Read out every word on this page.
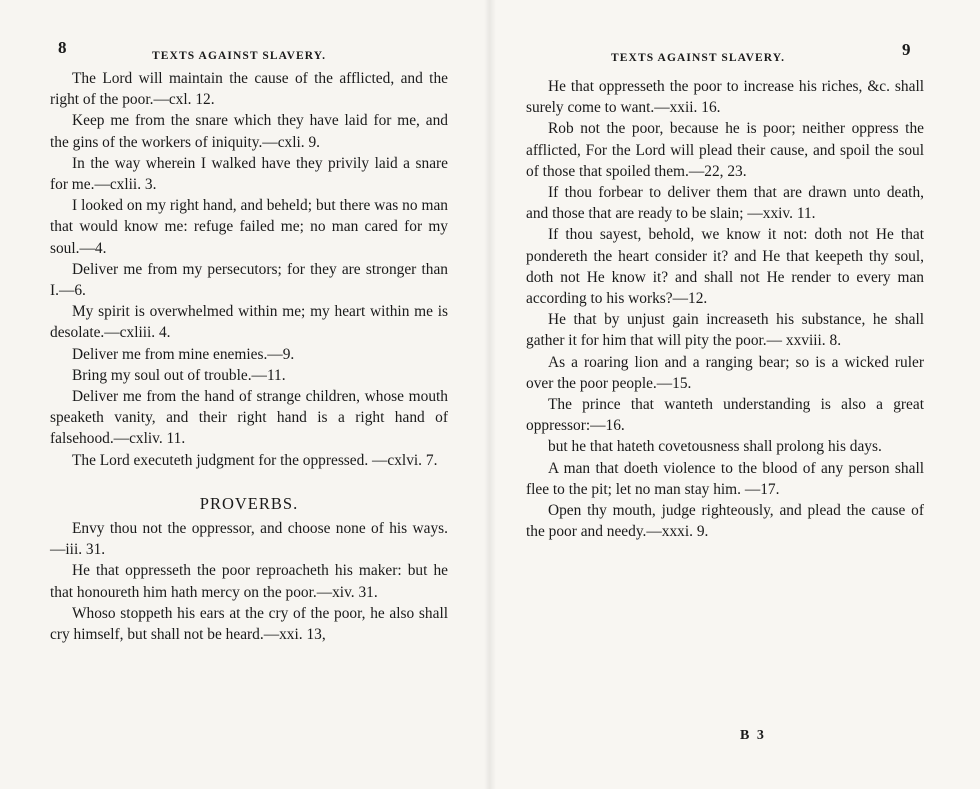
8	TEXTS AGAINST SLAVERY.

The Lord will maintain the cause of the afflicted, and the right of the poor.—cxl. 12.

Keep me from the snare which they have laid for me, and the gins of the workers of iniquity.—cxli. 9.

In the way wherein I walked have they privily laid a snare for me.—cxlii. 3.

I looked on my right hand, and beheld; but there was no man that would know me: refuge failed me; no man cared for my soul.—4.

Deliver me from my persecutors; for they are stronger than I.—6.

My spirit is overwhelmed within me; my heart within me is desolate.—cxliii. 4.

Deliver me from mine enemies.—9.

Bring my soul out of trouble.—11.

Deliver me from the hand of strange children, whose mouth speaketh vanity, and their right hand is a right hand of falsehood.—cxliv. 11.

The Lord executeth judgment for the oppressed. —cxlvi. 7.

PROVERBS.

Envy thou not the oppressor, and choose none of his ways.—iii. 31.

He that oppresseth the poor reproacheth his maker: but he that honoureth him hath mercy on the poor.—xiv. 31.

Whoso stoppeth his ears at the cry of the poor, he also shall cry himself, but shall not be heard.—xxi. 13,

TEXTS AGAINST SLAVERY.	9

He that oppresseth the poor to increase his riches, &c. shall surely come to want.—xxii. 16.

Rob not the poor, because he is poor; neither oppress the afflicted, For the Lord will plead their cause, and spoil the soul of those that spoiled them.—22, 23.

If thou forbear to deliver them that are drawn unto death, and those that are ready to be slain; —xxiv. 11.

If thou sayest, behold, we know it not: doth not He that pondereth the heart consider it? and He that keepeth thy soul, doth not He know it? and shall not He render to every man according to his works?—12.

He that by unjust gain increaseth his substance, he shall gather it for him that will pity the poor.— xxviii. 8.

As a roaring lion and a ranging bear; so is a wicked ruler over the poor people.—15.

The prince that wanteth understanding is also a great oppressor:—16.

but he that hateth covetousness shall prolong his days.

A man that doeth violence to the blood of any person shall flee to the pit; let no man stay him. —17.

Open thy mouth, judge righteously, and plead the cause of the poor and needy.—xxxi. 9.

B 3
